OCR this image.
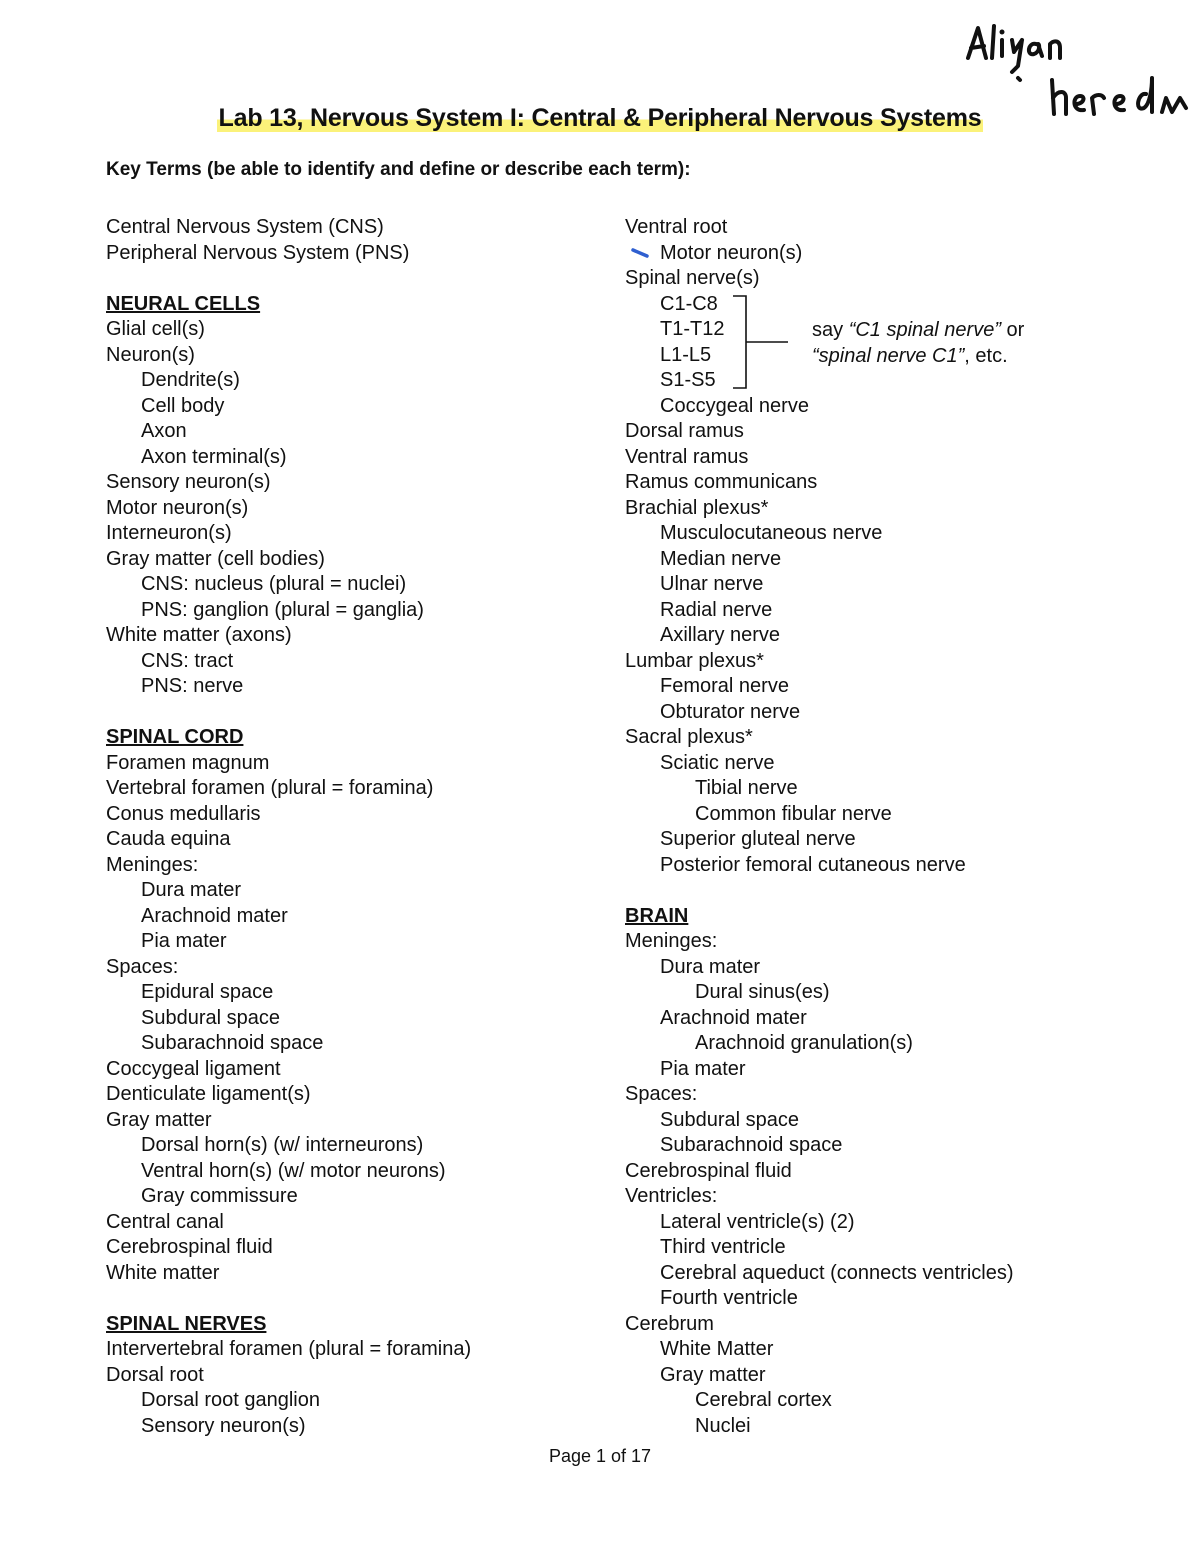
Lab 13, Nervous System I: Central & Peripheral Nervous Systems
Key Terms (be able to identify and define or describe each term):
Central Nervous System (CNS)
Peripheral Nervous System (PNS)
NEURAL CELLS
Glial cell(s)
Neuron(s)
Dendrite(s)
Cell body
Axon
Axon terminal(s)
Sensory neuron(s)
Motor neuron(s)
Interneuron(s)
Gray matter (cell bodies)
CNS: nucleus (plural = nuclei)
PNS: ganglion (plural = ganglia)
White matter (axons)
CNS: tract
PNS: nerve
SPINAL CORD
Foramen magnum
Vertebral foramen (plural = foramina)
Conus medullaris
Cauda equina
Meninges:
Dura mater
Arachnoid mater
Pia mater
Spaces:
Epidural space
Subdural space
Subarachnoid space
Coccygeal ligament
Denticulate ligament(s)
Gray matter
Dorsal horn(s) (w/ interneurons)
Ventral horn(s) (w/ motor neurons)
Gray commissure
Central canal
Cerebrospinal fluid
White matter
SPINAL NERVES
Intervertebral foramen (plural = foramina)
Dorsal root
Dorsal root ganglion
Sensory neuron(s)
Ventral root
Motor neuron(s)
Spinal nerve(s)
C1-C8
T1-T12
L1-L5
S1-S5
Coccygeal nerve
Dorsal ramus
Ventral ramus
Ramus communicans
Brachial plexus*
Musculocutaneous nerve
Median nerve
Ulnar nerve
Radial nerve
Axillary nerve
Lumbar plexus*
Femoral nerve
Obturator nerve
Sacral plexus*
Sciatic nerve
Tibial nerve
Common fibular nerve
Superior gluteal nerve
Posterior femoral cutaneous nerve
BRAIN
Meninges:
Dura mater
Dural sinus(es)
Arachnoid mater
Arachnoid granulation(s)
Pia mater
Spaces:
Subdural space
Subarachnoid space
Cerebrospinal fluid
Ventricles:
Lateral ventricle(s) (2)
Third ventricle
Cerebral aqueduct (connects ventricles)
Fourth ventricle
Cerebrum
White Matter
Gray matter
Cerebral cortex
Nuclei
say “C1 spinal nerve” or
“spinal nerve C1”, etc.
Page 1 of 17
